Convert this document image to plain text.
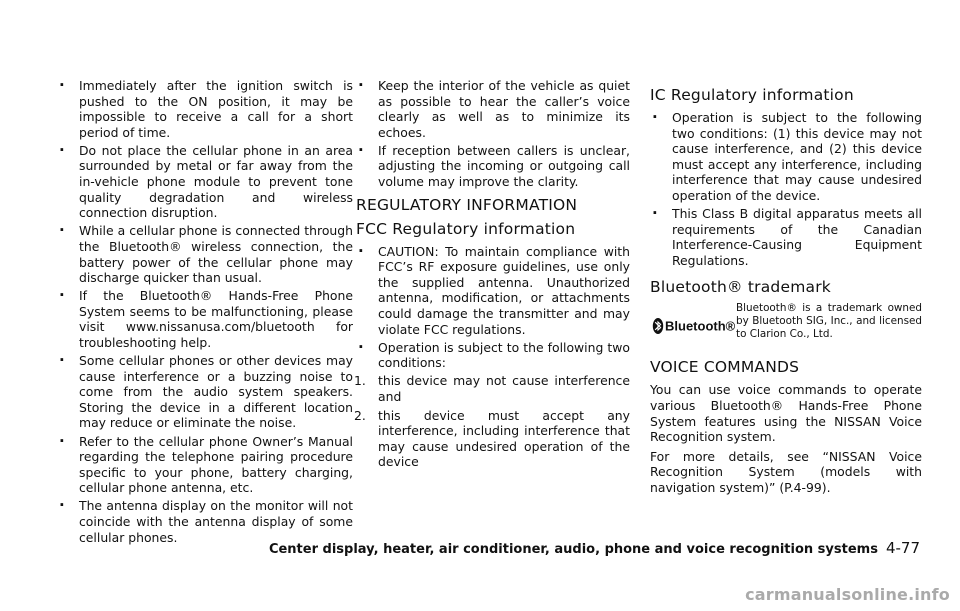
. Immediately after the ignition switch is pushed to the ON position, it may be impossible to receive a call for a short period of time.

. Do not place the cellular phone in an area surrounded by metal or far away from the in-vehicle phone module to prevent tone quality degradation and wireless connection disruption.

. While a cellular phone is connected through the Bluetooth® wireless connection, the battery power of the cellular phone may discharge quicker than usual.

. If the Bluetooth® Hands-Free Phone System seems to be malfunctioning, please visit www.nissanusa.com/bluetooth for troubleshooting help.

. Some cellular phones or other devices may cause interference or a buzzing noise to come from the audio system speakers. Storing the device in a different location may reduce or eliminate the noise.

. Refer to the cellular phone Owner’s Manual regarding the telephone pairing procedure specific to your phone, battery charging, cellular phone antenna, etc.

. The antenna display on the monitor will not coincide with the antenna display of some cellular phones.

. Keep the interior of the vehicle as quiet as possible to hear the caller’s voice clearly as well as to minimize its echoes.

. If reception between callers is unclear, adjusting the incoming or outgoing call volume may improve the clarity.

REGULATORY INFORMATION
FCC Regulatory information

. CAUTION: To maintain compliance with FCC’s RF exposure guidelines, use only the supplied antenna. Unauthorized antenna, modification, or attachments could damage the transmitter and may violate FCC regulations.

. Operation is subject to the following two conditions:

1. this device may not cause interference and
2. this device must accept any interference, including interference that may cause undesired operation of the device
IC Regulatory information

. Operation is subject to the following two conditions: (1) this device may not cause interference, and (2) this device must accept any interference, including interference that may cause undesired operation of the device.

. This Class B digital apparatus meets all requirements of the Canadian Interference-Causing Equipment Regulations.

Bluetooth® trademark
Bluetooth®
Bluetooth® is a trademark owned by Bluetooth SIG, Inc., and licensed to Clarion Co., Ltd.
VOICE COMMANDS

You can use voice commands to operate various Bluetooth® Hands-Free Phone System features using the NISSAN Voice Recognition system.

For more details, see “NISSAN Voice Recognition System (models with navigation system)” (P.4-99).

Center display, heater, air conditioner, audio, phone and voice recognition systems 4-77
carmanualsonline.info
